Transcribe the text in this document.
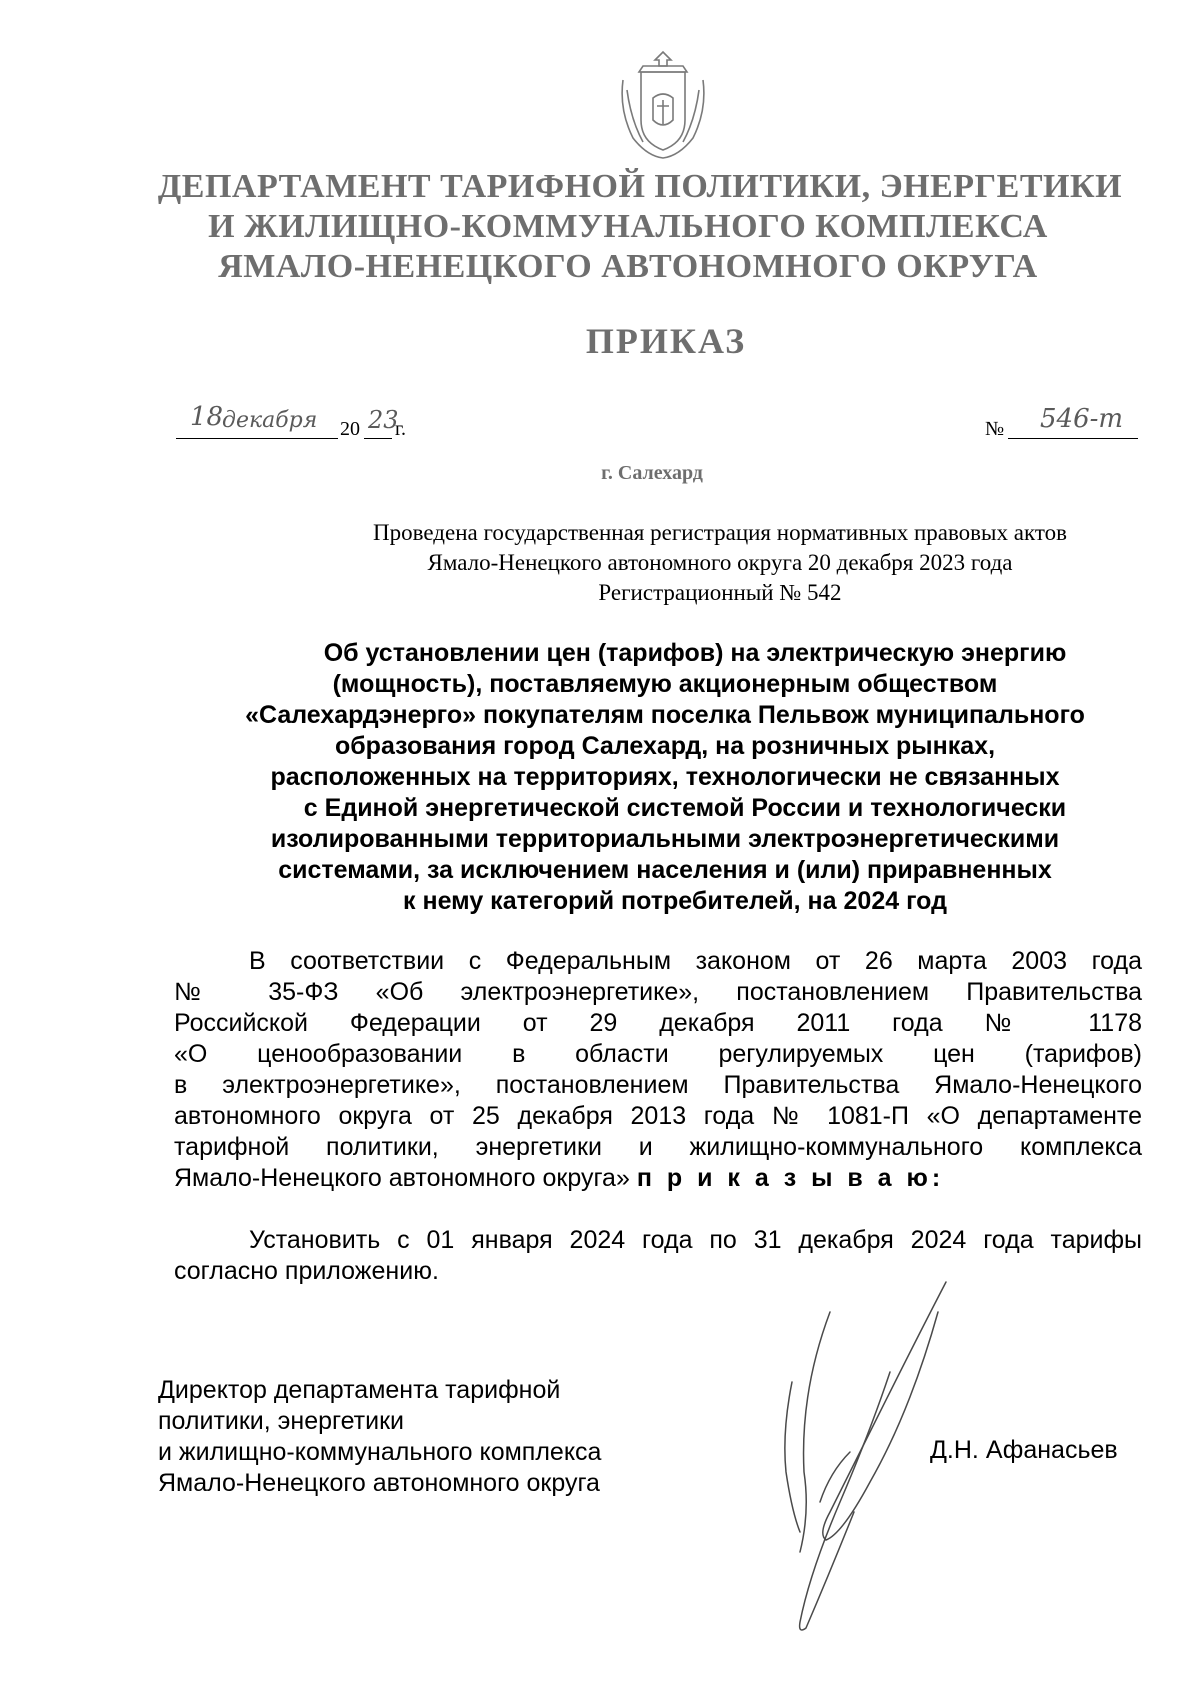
ДЕПАРТАМЕНТ ТАРИФНОЙ ПОЛИТИКИ, ЭНЕРГЕТИКИ
И ЖИЛИЩНО-КОММУНАЛЬНОГО КОМПЛЕКСА
ЯМАЛО-НЕНЕЦКОГО АВТОНОМНОГО ОКРУГА
ПРИКАЗ
18
декабря 20 23
г.	№ 546-т
г. Салехард
Проведена государственная регистрация нормативных правовых актов
Ямало-Ненецкого автономного округа 20 декабря 2023 года
Регистрационный № 542
Об установлении цен (тарифов) на электрическую энергию
(мощность), поставляемую акционерным обществом
«Салехардэнерго» покупателям поселка Пельвож муниципального
образования город Салехард, на розничных рынках,
расположенных на территориях, технологически не связанных
с Единой энергетической системой России и технологически
изолированными территориальными электроэнергетическими
системами, за исключением населения и (или) приравненных
к нему категорий потребителей, на 2024 год
В соответствии с Федеральным законом от 26 марта 2003 года
№ 35-ФЗ «Об электроэнергетике», постановлением Правительства
Российской Федерации от 29 декабря 2011 года № 1178
«О ценообразовании в области регулируемых цен (тарифов)
в электроэнергетике», постановлением Правительства Ямало-Ненецкого
автономного округа от 25 декабря 2013 года № 1081-П «О департаменте
тарифной политики, энергетики и жилищно-коммунального комплекса
Ямало-Ненецкого автономного округа» п р и к а з ы в а ю:
Установить с 01 января 2024 года по 31 декабря 2024 года тарифы
согласно приложению.
Директор департамента тарифной
политики, энергетики
и жилищно-коммунального комплекса
Ямало-Ненецкого автономного округа
Д.Н. Афанасьев
